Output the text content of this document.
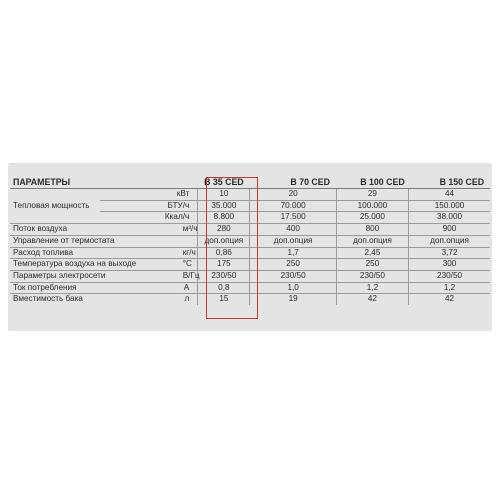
ПАРАМЕТРЫ			B 35 CED		B 70 CED		B 100 CED		B 150 CED
Тепловая мощность	кВт		10	20		29		44	
	БТУ/ч		35.000	70.000		100.000		150.000	
	Ккал/ч		8.800	17.500		25.000		38.000	
Поток воздуха		м³/ч	280	400		800		900	
Управление от термостата			доп.опция	доп.опция		доп.опция		доп.опция	
Расход топлива		кг/ч	0,86	1,7		2,45		3,72	
Температура воздуха на выходе		°C	175	250		250		300	
Параметры электросети		В/Гц	230/50	230/50		230/50		230/50	
Ток потребления		А	0,8	1,0		1,2		1,2	
Вместимость бака		л	15	19		42		42	
